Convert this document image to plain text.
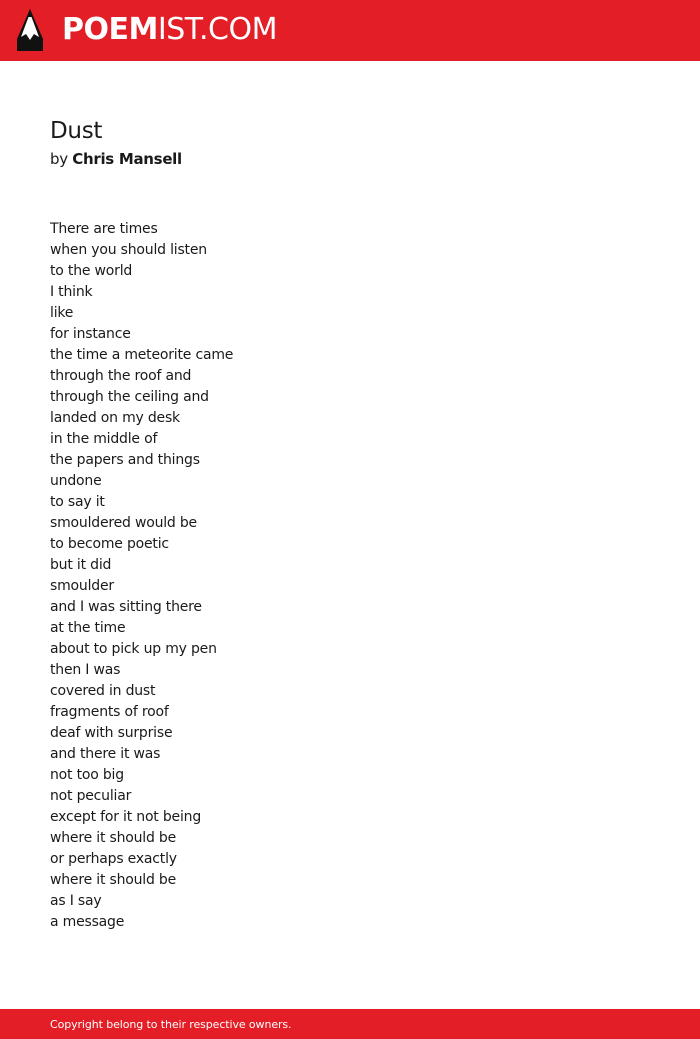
POEMIST.COM
Dust
by Chris Mansell
There are times
when you should listen
to the world
I think
like
for instance
the time a meteorite came
through the roof and
through the ceiling and
landed on my desk
in the middle of
the papers and things
undone
to say it
smouldered would be
to become poetic
but it did
smoulder
and I was sitting there
at the time
about to pick up my pen
then I was
covered in dust
fragments of roof
deaf with surprise
and there it was
not too big
not peculiar
except for it not being
where it should be
or perhaps exactly
where it should be
as I say
a message
Copyright belong to their respective owners.
